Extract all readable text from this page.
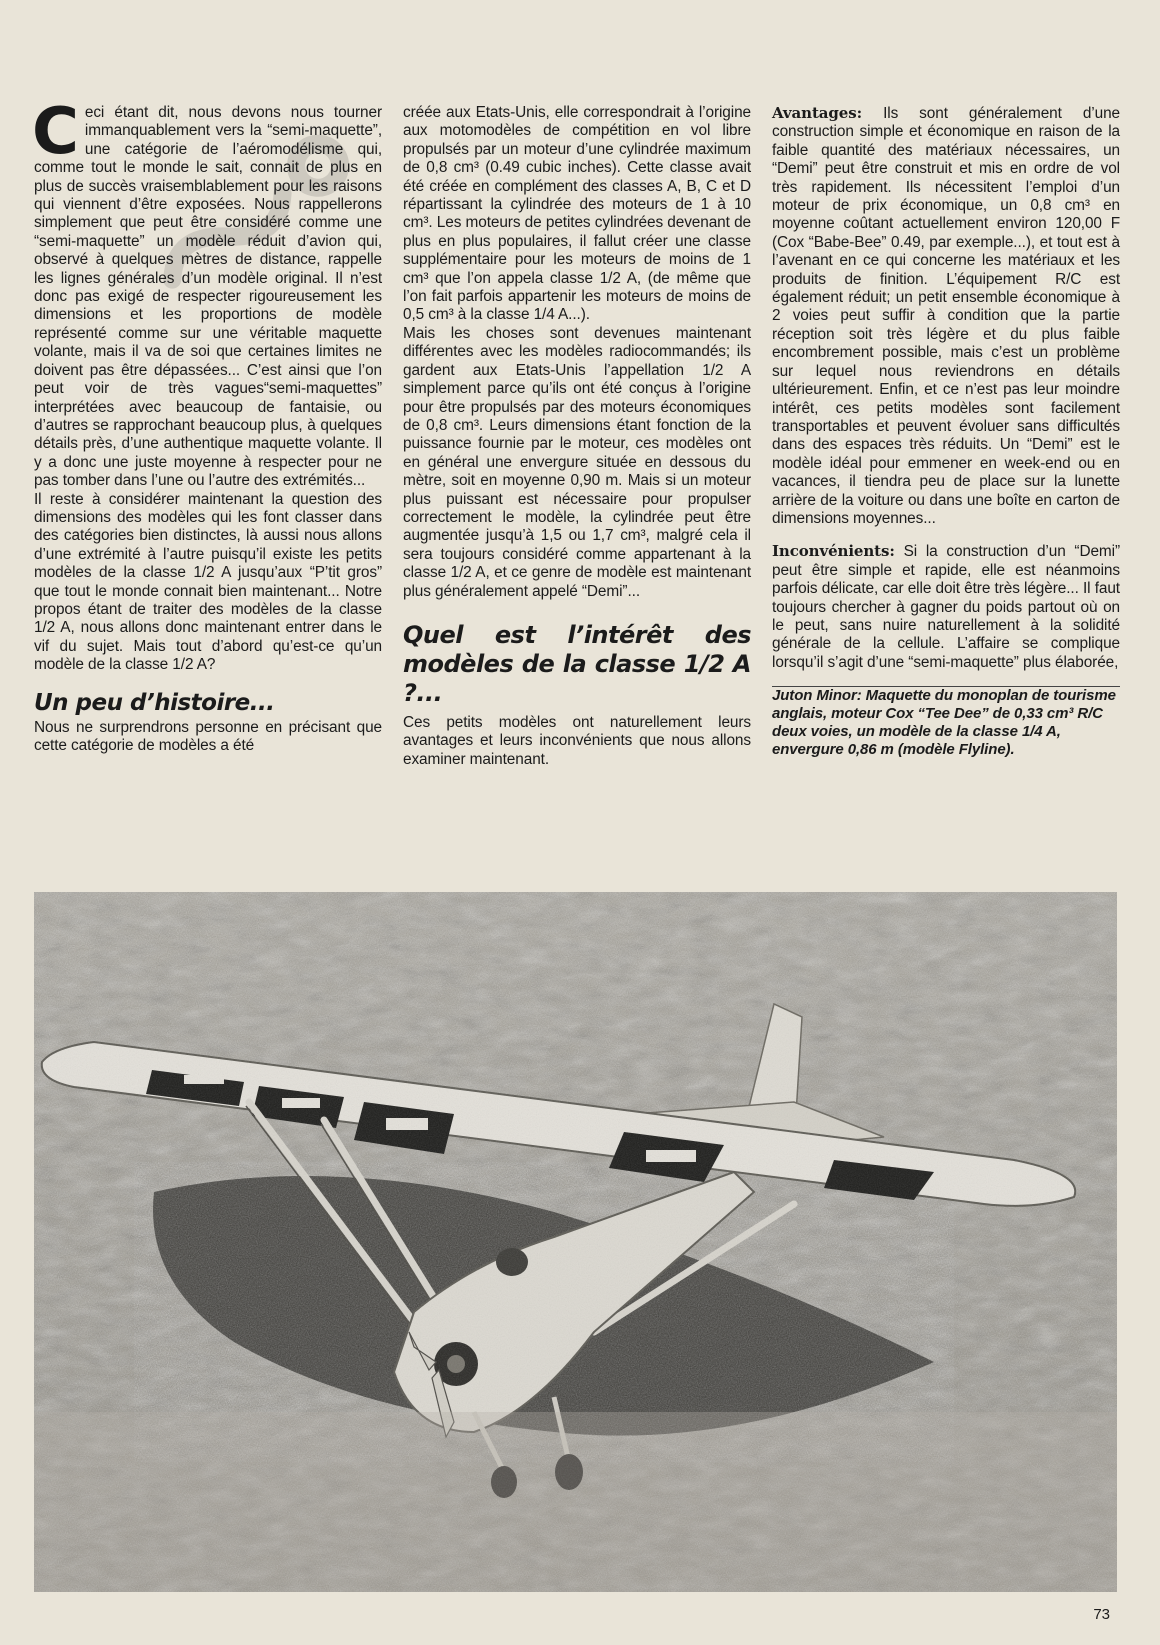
Ceci étant dit, nous devons nous tourner immanquablement vers la “semi-maquette”, une catégorie de l’aéromodélisme qui, comme tout le monde le sait, connait de plus en plus de succès vraisemblablement pour les raisons qui viennent d’être exposées. Nous rappellerons simplement que peut être considéré comme une “semi-maquette” un modèle réduit d’avion qui, observé à quelques mètres de distance, rappelle les lignes générales d’un modèle original. Il n’est donc pas exigé de respecter rigoureusement les dimensions et les proportions de modèle représenté comme sur une véritable maquette volante, mais il va de soi que certaines limites ne doivent pas être dépassées... C’est ainsi que l’on peut voir de très vagues“semi-maquettes” interprétées avec beaucoup de fantaisie, ou d’autres se rapprochant beaucoup plus, à quelques détails près, d’une authentique maquette volante. Il y a donc une juste moyenne à respecter pour ne pas tomber dans l’une ou l’autre des extrémités...

Il reste à considérer maintenant la question des dimensions des modèles qui les font classer dans des catégories bien distinctes, là aussi nous allons d’une extrémité à l’autre puisqu’il existe les petits modèles de la classe 1/2 A jusqu’aux “P’tit gros” que tout le monde connait bien maintenant... Notre propos étant de traiter des modèles de la classe 1/2 A, nous allons donc maintenant entrer dans le vif du sujet. Mais tout d’abord qu’est-ce qu’un modèle de la classe 1/2 A?

Un peu d’histoire...

Nous ne surprendrons personne en précisant que cette catégorie de modèles a été

créée aux Etats-Unis, elle correspondrait à l’origine aux motomodèles de compétition en vol libre propulsés par un moteur d’une cylindrée maximum de 0,8 cm³ (0.49 cubic inches). Cette classe avait été créée en complément des classes A, B, C et D répartissant la cylindrée des moteurs de 1 à 10 cm³. Les moteurs de petites cylindrées devenant de plus en plus populaires, il fallut créer une classe supplémentaire pour les moteurs de moins de 1 cm³ que l’on appela classe 1/2 A, (de même que l’on fait parfois appartenir les moteurs de moins de 0,5 cm³ à la classe 1/4 A...).

Mais les choses sont devenues maintenant différentes avec les modèles radiocommandés; ils gardent aux Etats-Unis l’appellation 1/2 A simplement parce qu’ils ont été conçus à l’origine pour être propulsés par des moteurs économiques de 0,8 cm³. Leurs dimensions étant fonction de la puissance fournie par le moteur, ces modèles ont en général une envergure située en dessous du mètre, soit en moyenne 0,90 m. Mais si un moteur plus puissant est nécessaire pour propulser correctement le modèle, la cylindrée peut être augmentée jusqu’à 1,5 ou 1,7 cm³, malgré cela il sera toujours considéré comme appartenant à la classe 1/2 A, et ce genre de modèle est maintenant plus généralement appelé “Demi”...

Quel est l’intérêt des modèles de la classe 1/2 A ?...

Ces petits modèles ont naturellement leurs avantages et leurs inconvénients que nous allons examiner maintenant.

Avantages: Ils sont généralement d’une construction simple et économique en raison de la faible quantité des matériaux nécessaires, un “Demi” peut être construit et mis en ordre de vol très rapidement. Ils nécessitent l’emploi d’un moteur de prix économique, un 0,8 cm³ en moyenne coûtant actuellement environ 120,00 F (Cox “Babe-Bee” 0.49, par exemple...), et tout est à l’avenant en ce qui concerne les matériaux et les produits de finition. L’équipement R/C est également réduit; un petit ensemble économique à 2 voies peut suffir à condition que la partie réception soit très légère et du plus faible encombrement possible, mais c’est un problème sur lequel nous reviendrons en détails ultérieurement. Enfin, et ce n’est pas leur moindre intérêt, ces petits modèles sont facilement transportables et peuvent évoluer sans difficultés dans des espaces très réduits. Un “Demi” est le modèle idéal pour emmener en week-end ou en vacances, il tiendra peu de place sur la lunette arrière de la voiture ou dans une boîte en carton de dimensions moyennes...

Inconvénients: Si la construction d’un “Demi” peut être simple et rapide, elle est néanmoins parfois délicate, car elle doit être très légère... Il faut toujours chercher à gagner du poids partout où on le peut, sans nuire naturellement à la solidité générale de la cellule. L’affaire se complique lorsqu’il s’agit d’une “semi-maquette” plus élaborée,

Juton Minor: Maquette du monoplan de tourisme anglais, moteur Cox “Tee Dee” de 0,33 cm³ R/C deux voies, un modèle de la classe 1/4 A, envergure 0,86 m (modèle Flyline).

73
